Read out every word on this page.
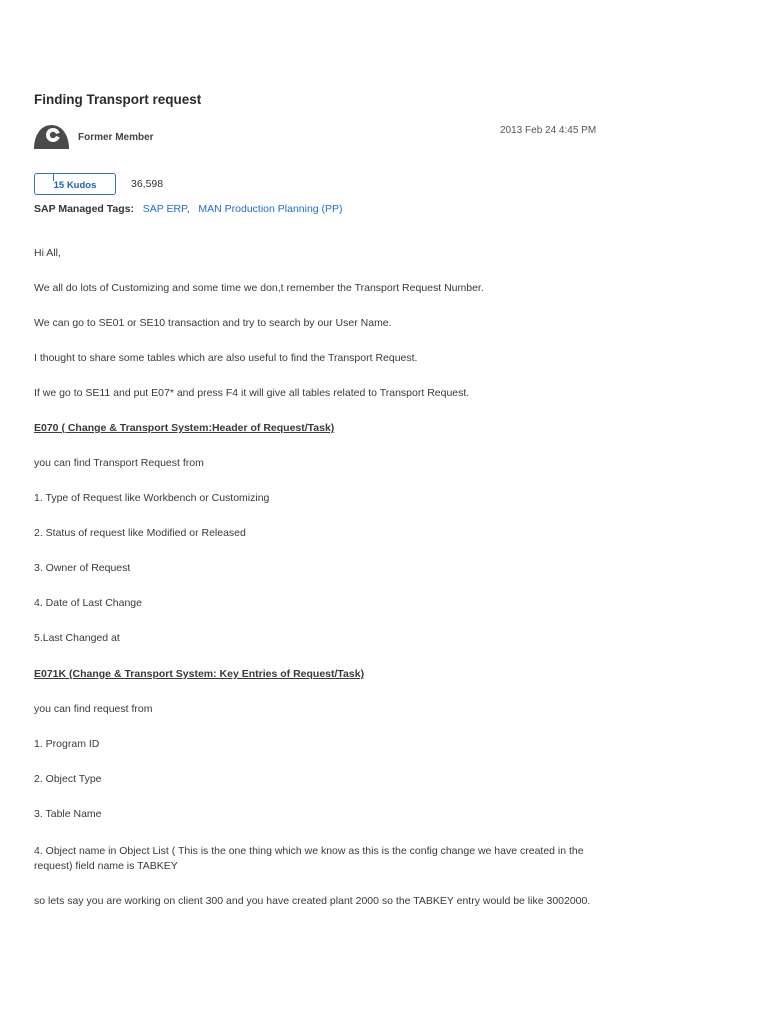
Finding Transport request
Former Member
2013 Feb 24 4:45 PM
15 Kudos	36,598
SAP Managed Tags: SAP ERP, MAN Production Planning (PP)
Hi All,
We all do lots of Customizing and some time we don,t remember the Transport Request Number.
We can go to SE01 or SE10 transaction and try to search by our User Name.
I thought to share some tables which are also useful to find the Transport Request.
If we go to SE11 and put E07* and press F4 it will give all tables related to Transport Request.
E070 ( Change & Transport System:Header of Request/Task)
you can find Transport Request from
1. Type of Request like Workbench or Customizing
2. Status of request like Modified or Released
3. Owner of Request
4. Date of Last Change
5.Last Changed at
E071K (Change & Transport System: Key Entries of Request/Task)
you can find request from
1. Program ID
2. Object Type
3. Table Name
4. Object name in Object List ( This is the one thing which we know as this is the config change we have created in the request) field name is TABKEY
so lets say you are working on client 300 and you have created plant 2000 so the TABKEY entry would be like 3002000.
